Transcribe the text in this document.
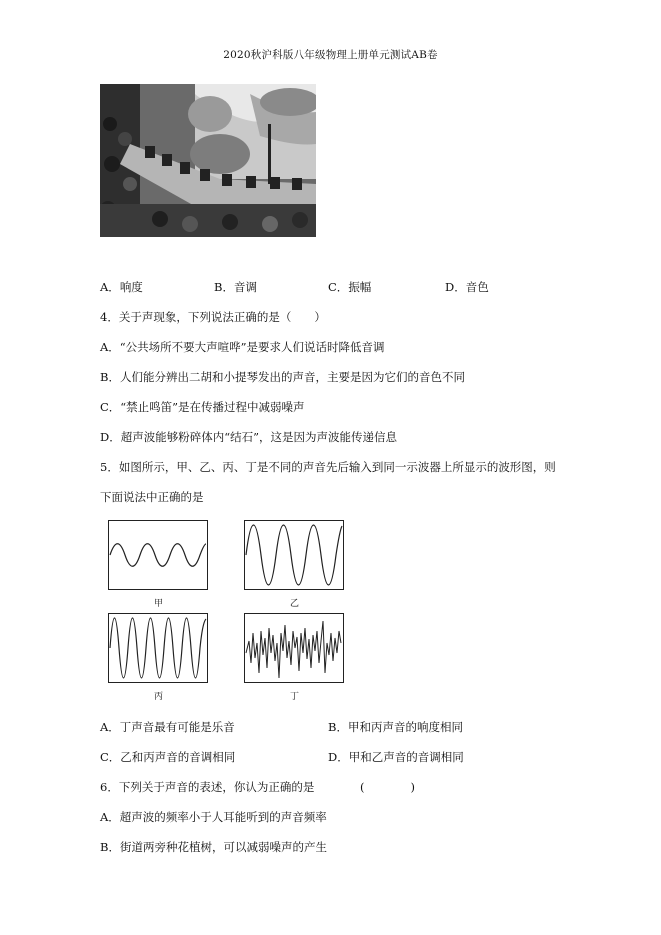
2020秋沪科版八年级物理上册单元测试AB卷
A．响度	B．音调	C．振幅	D．音色
4．关于声现象，下列说法正确的是（　　）
A．“公共场所不要大声喧哗”是要求人们说话时降低音调
B．人们能分辨出二胡和小提琴发出的声音，主要是因为它们的音色不同
C．“禁止鸣笛”是在传播过程中减弱噪声
D．超声波能够粉碎体内“结石”，这是因为声波能传递信息
5．如图所示，甲、乙、丙、丁是不同的声音先后输入到同一示波器上所显示的波形图，则
下面说法中正确的是
甲	乙
丙	丁
A．丁声音最有可能是乐音	B．甲和丙声音的响度相同
C．乙和丙声音的音调相同	D．甲和乙声音的音调相同
6．下列关于声音的表述，你认为正确的是	(　　　　)
A．超声波的频率小于人耳能听到的声音频率
B．街道两旁种花植树，可以减弱噪声的产生
